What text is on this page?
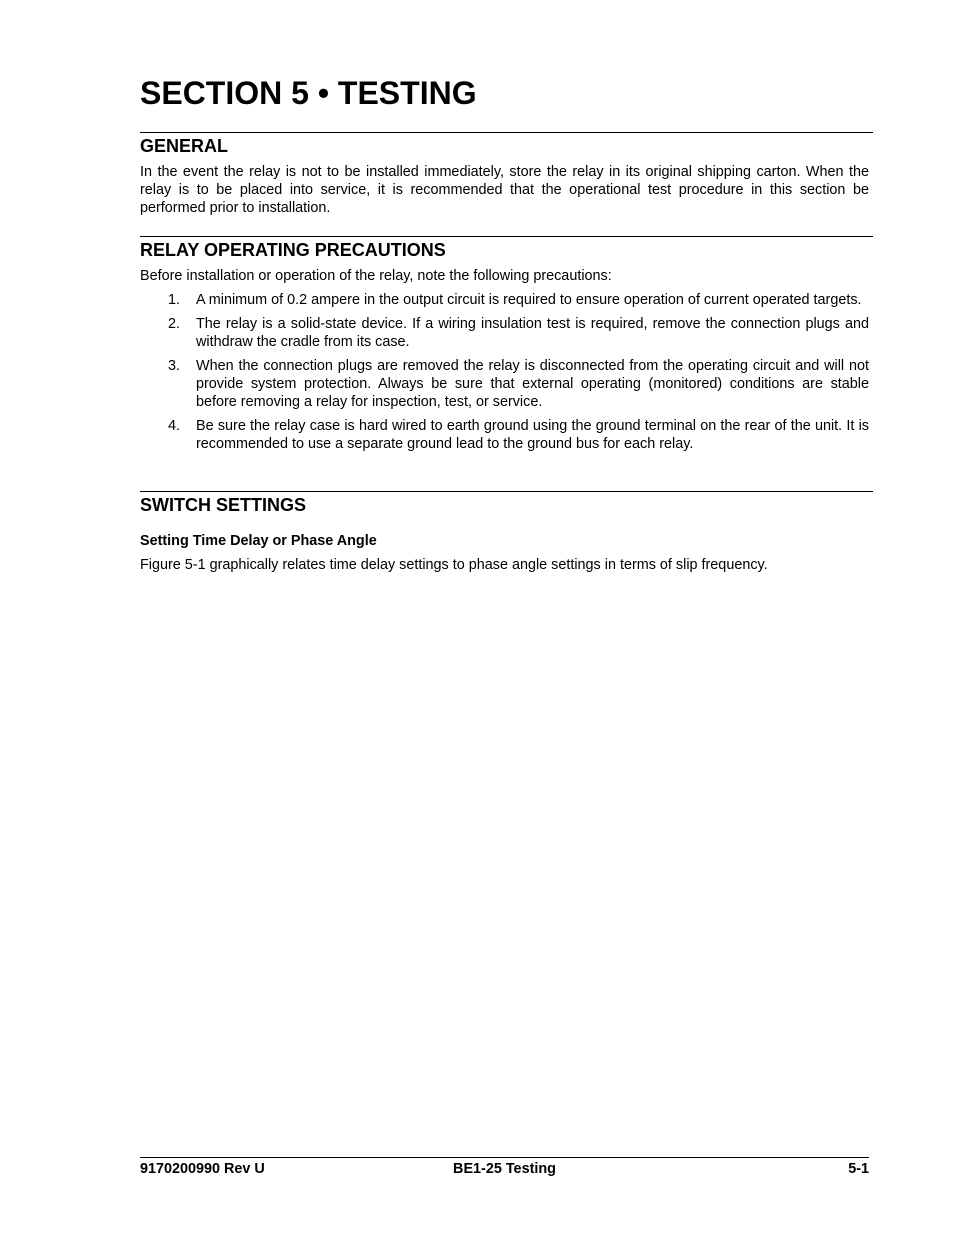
SECTION 5 • TESTING
GENERAL

In the event the relay is not to be installed immediately, store the relay in its original shipping carton. When the relay is to be placed into service, it is recommended that the operational test procedure in this section be performed prior to installation.

RELAY OPERATING PRECAUTIONS

Before installation or operation of the relay, note the following precautions:

1. A minimum of 0.2 ampere in the output circuit is required to ensure operation of current operated targets.
2. The relay is a solid-state device. If a wiring insulation test is required, remove the connection plugs and withdraw the cradle from its case.
3. When the connection plugs are removed the relay is disconnected from the operating circuit and will not provide system protection. Always be sure that external operating (monitored) conditions are stable before removing a relay for inspection, test, or service.
4. Be sure the relay case is hard wired to earth ground using the ground terminal on the rear of the unit. It is recommended to use a separate ground lead to the ground bus for each relay.
SWITCH SETTINGS
Setting Time Delay or Phase Angle

Figure 5-1 graphically relates time delay settings to phase angle settings in terms of slip frequency.

BE1-25 Testing
9170200990 Rev U	5-1
